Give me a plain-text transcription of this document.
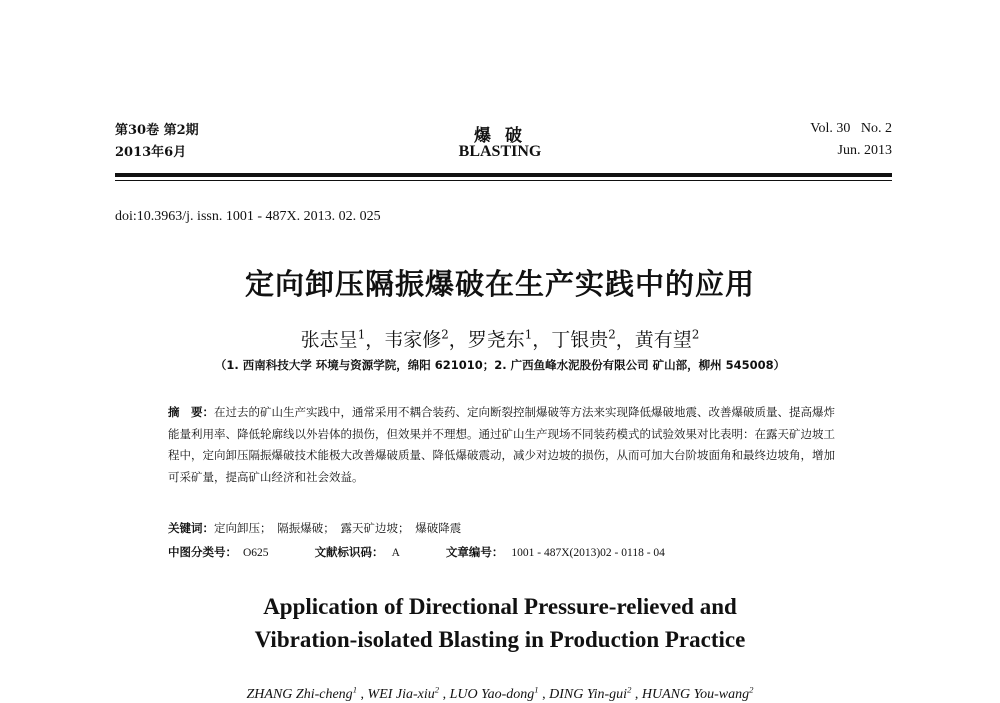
第30卷 第2期
2013年6月
爆 破
BLASTING
Vol. 30   No. 2
Jun. 2013
doi:10.3963/j. issn. 1001 - 487X. 2013. 02. 025
定向卸压隔振爆破在生产实践中的应用
张志呈$^1$，韦家修$^2$，罗尧东$^1$，丁银贵$^2$，黄有望$^2$
（1. 西南科技大学 环境与资源学院，绵阳 621010；2. 广西鱼峰水泥股份有限公司 矿山部，柳州 545008）
摘　要：在过去的矿山生产实践中，通常采用不耦合装药、定向断裂控制爆破等方法来实现降低爆破地震、改善爆破质量、提高爆炸能量利用率、降低轮廓线以外岩体的损伤，但效果并不理想。通过矿山生产现场不同装药模式的试验效果对比表明：在露天矿边坡工程中，定向卸压隔振爆破技术能极大改善爆破质量、降低爆破震动，减少对边坡的损伤，从而可加大台阶坡面角和最终边坡角，增加可采矿量，提高矿山经济和社会效益。
关键词：定向卸压；　隔振爆破；　露天矿边坡；　爆破降震
中图分类号： O625	文献标识码： A	文章编号： 1001 - 487X(2013)02 - 0118 - 04
Application of Directional Pressure-relieved and
Vibration-isolated Blasting in Production Practice
ZHANG Zhi-cheng$^1$ , WEI Jia-xiu$^2$ , LUO Yao-dong$^1$ , DING Yin-gui$^2$ , HUANG You-wang$^2$
